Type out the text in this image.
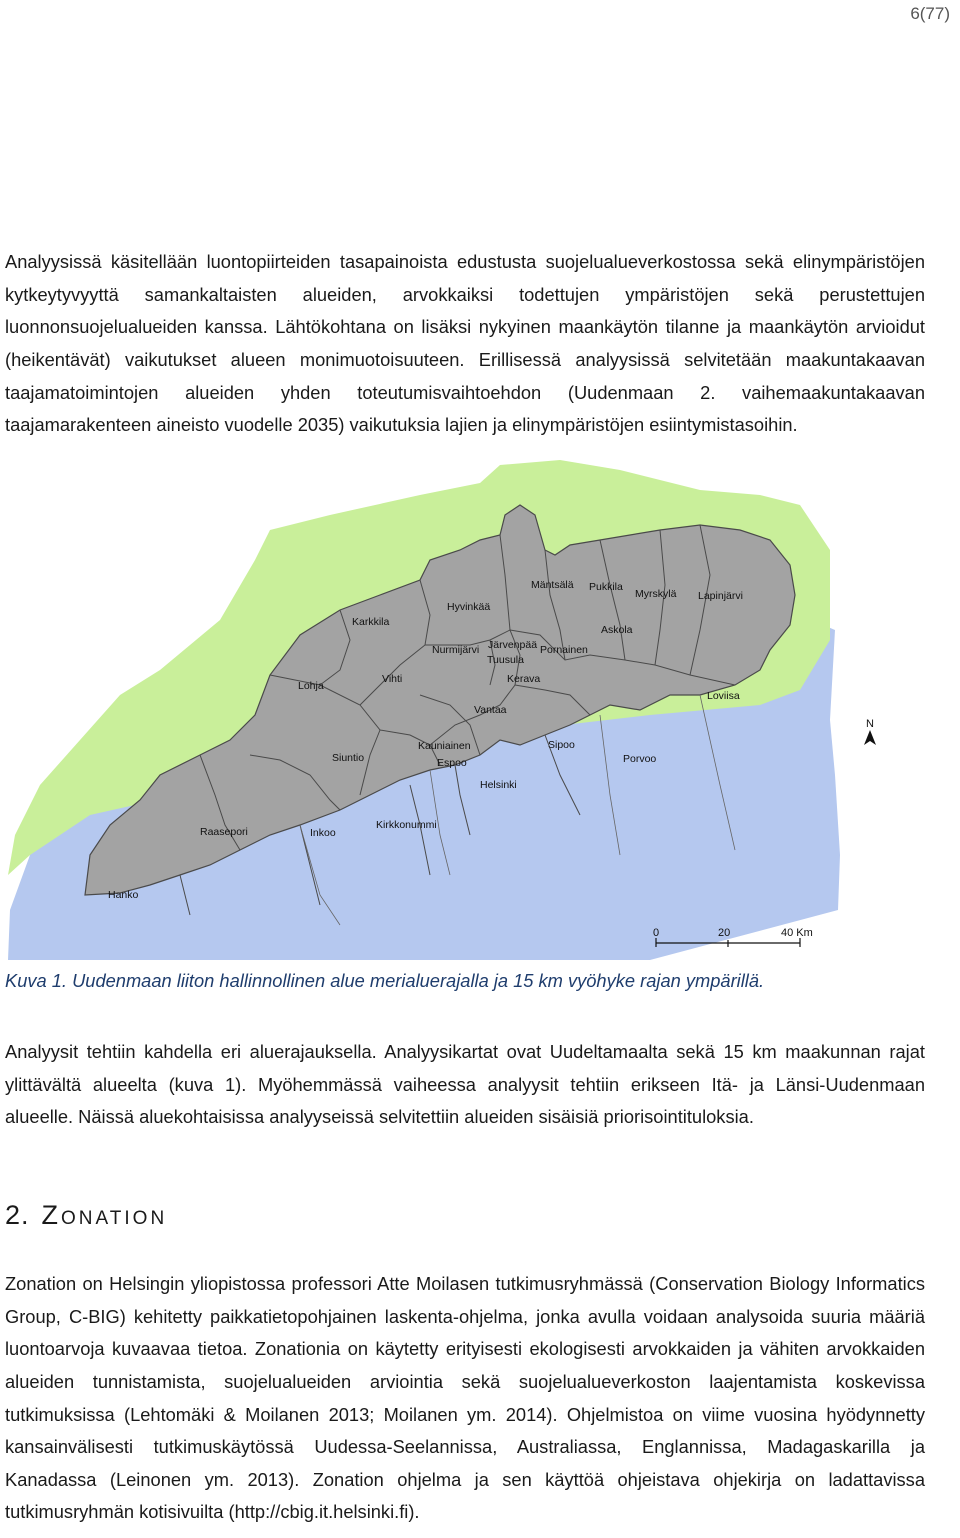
6(77)

Analyysissä käsitellään luontopiirteiden tasapainoista edustusta suojelualueverkostossa sekä elinympäristöjen kytkeytyvyyttä samankaltaisten alueiden, arvokkaiksi todettujen ympäristöjen sekä perustettujen luonnonsuojelualueiden kanssa. Lähtökohtana on lisäksi nykyinen maankäytön tilanne ja maankäytön arvioidut (heikentävät) vaikutukset alueen monimuotoisuuteen. Erillisessä analyysissä selvitetään maakuntakaavan taajamatoimintojen alueiden yhden toteutumisvaihtoehdon (Uudenmaan 2. vaihemaakuntakaavan taajamarakenteen aineisto vuodelle 2035) vaikutuksia lajien ja elinympäristöjen esiintymistasoihin.

Mäntsälä Pukkila
Myrskylä Lapinjärvi
Hyvinkää
Karkkila
Askola
Nurmijärvi Järvenpää Pornainen
Tuusula
Lohja
Vihti	Kerava
Loviisa
Vantaa
Kauniainen
Siuntio
Sipoo
Espoo	Porvoo
Helsinki
Kirkkonummi
Raasepori	Inkoo
Hanko
N
0	20	40 Km
Kuva 1. Uudenmaan liiton hallinnollinen alue merialuerajalla ja 15 km vyöhyke rajan ympärillä.

Analyysit tehtiin kahdella eri aluerajauksella. Analyysikartat ovat Uudeltamaalta sekä 15 km maakunnan rajat ylittävältä alueelta (kuva 1). Myöhemmässä vaiheessa analyysit tehtiin erikseen Itä- ja Länsi-Uudenmaan alueelle. Näissä aluekohtaisissa analyyseissä selvitettiin alueiden sisäisiä priorisointituloksia.

2. Zonation

Zonation on Helsingin yliopistossa professori Atte Moilasen tutkimusryhmässä (Conservation Biology Informatics Group, C-BIG) kehitetty paikkatietopohjainen laskenta-ohjelma, jonka avulla voidaan analysoida suuria määriä luontoarvoja kuvaavaa tietoa. Zonationia on käytetty erityisesti ekologisesti arvokkaiden ja vähiten arvokkaiden alueiden tunnistamista, suojelualueiden arviointia sekä suojelualueverkoston laajentamista koskevissa tutkimuksissa (Lehtomäki & Moilanen 2013; Moilanen ym. 2014). Ohjelmistoa on viime vuosina hyödynnetty kansainvälisesti tutkimuskäytössä Uudessa-Seelannissa, Australiassa, Englannissa, Madagaskarilla ja Kanadassa (Leinonen ym. 2013). Zonation ohjelma ja sen käyttöä ohjeistava ohjekirja on ladattavissa tutkimusryhmän kotisivuilta (http://cbig.it.helsinki.fi).
